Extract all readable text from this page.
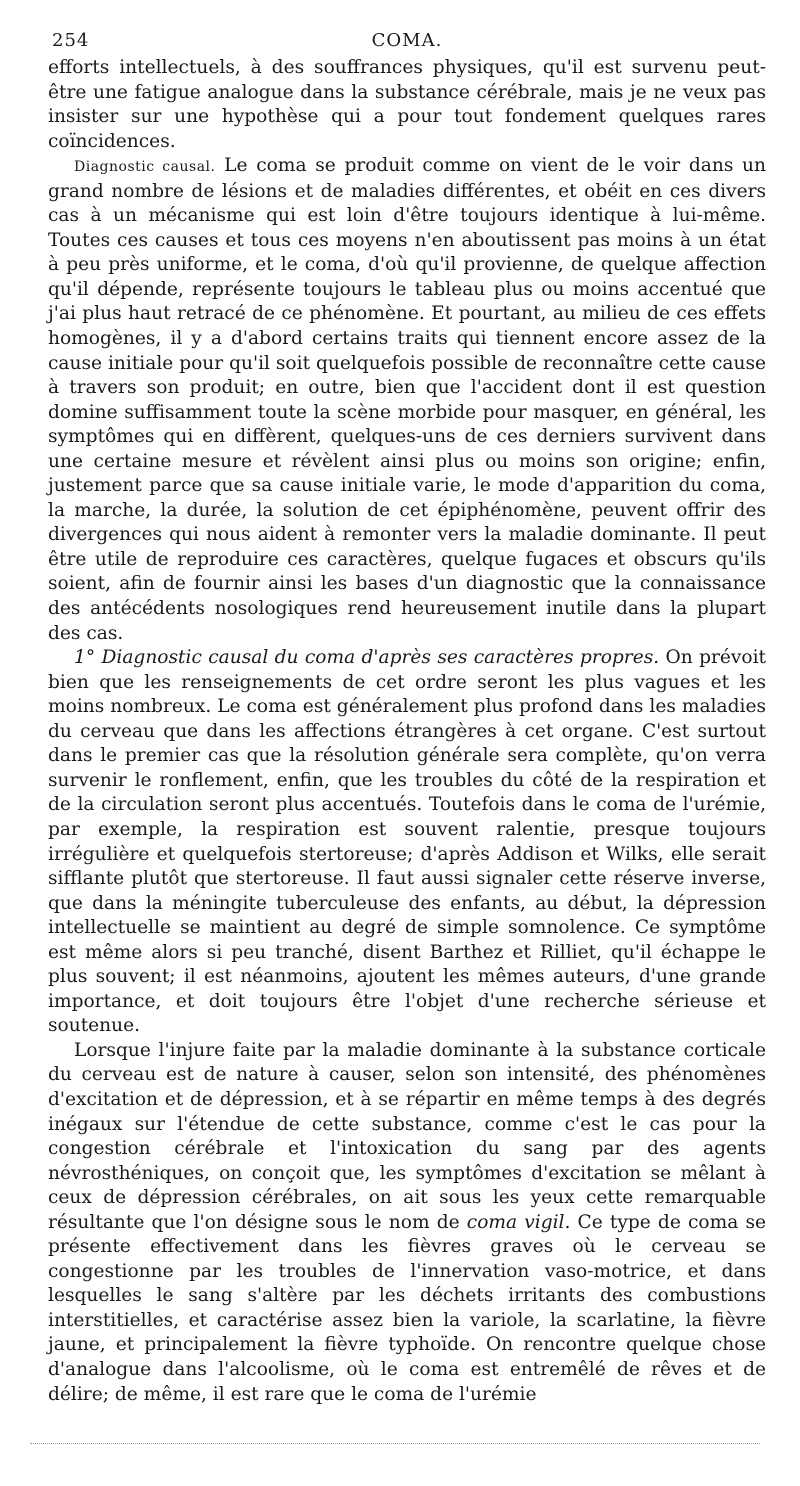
254	COMA.

efforts intellectuels, à des souffrances physiques, qu'il est survenu peut-être une fatigue analogue dans la substance cérébrale, mais je ne veux pas insister sur une hypothèse qui a pour tout fondement quelques rares coïncidences.

Diagnostic causal. Le coma se produit comme on vient de le voir dans un grand nombre de lésions et de maladies différentes, et obéit en ces divers cas à un mécanisme qui est loin d'être toujours identique à lui-même. Toutes ces causes et tous ces moyens n'en aboutissent pas moins à un état à peu près uniforme, et le coma, d'où qu'il provienne, de quelque affection qu'il dépende, représente toujours le tableau plus ou moins accentué que j'ai plus haut retracé de ce phénomène. Et pourtant, au milieu de ces effets homogènes, il y a d'abord certains traits qui tiennent encore assez de la cause initiale pour qu'il soit quelquefois possible de reconnaître cette cause à travers son produit; en outre, bien que l'accident dont il est question domine suffisamment toute la scène morbide pour masquer, en général, les symptômes qui en diffèrent, quelques-uns de ces derniers survivent dans une certaine mesure et révèlent ainsi plus ou moins son origine; enfin, justement parce que sa cause initiale varie, le mode d'apparition du coma, la marche, la durée, la solution de cet épiphénomène, peuvent offrir des divergences qui nous aident à remonter vers la maladie dominante. Il peut être utile de reproduire ces caractères, quelque fugaces et obscurs qu'ils soient, afin de fournir ainsi les bases d'un diagnostic que la connaissance des antécédents nosologiques rend heureusement inutile dans la plupart des cas.

1° Diagnostic causal du coma d'après ses caractères propres. On prévoit bien que les renseignements de cet ordre seront les plus vagues et les moins nombreux. Le coma est généralement plus profond dans les maladies du cerveau que dans les affections étrangères à cet organe. C'est surtout dans le premier cas que la résolution générale sera complète, qu'on verra survenir le ronflement, enfin, que les troubles du côté de la respiration et de la circulation seront plus accentués. Toutefois dans le coma de l'urémie, par exemple, la respiration est souvent ralentie, presque toujours irrégulière et quelquefois stertoreuse; d'après Addison et Wilks, elle serait sifflante plutôt que stertoreuse. Il faut aussi signaler cette réserve inverse, que dans la méningite tuberculeuse des enfants, au début, la dépression intellectuelle se maintient au degré de simple somnolence. Ce symptôme est même alors si peu tranché, disent Barthez et Rilliet, qu'il échappe le plus souvent; il est néanmoins, ajoutent les mêmes auteurs, d'une grande importance, et doit toujours être l'objet d'une recherche sérieuse et soutenue.

Lorsque l'injure faite par la maladie dominante à la substance corticale du cerveau est de nature à causer, selon son intensité, des phénomènes d'excitation et de dépression, et à se répartir en même temps à des degrés inégaux sur l'étendue de cette substance, comme c'est le cas pour la congestion cérébrale et l'intoxication du sang par des agents névrosthéniques, on conçoit que, les symptômes d'excitation se mêlant à ceux de dépression cérébrales, on ait sous les yeux cette remarquable résultante que l'on désigne sous le nom de coma vigil. Ce type de coma se présente effectivement dans les fièvres graves où le cerveau se congestionne par les troubles de l'innervation vaso-motrice, et dans lesquelles le sang s'altère par les déchets irritants des combustions interstitielles, et caractérise assez bien la variole, la scarlatine, la fièvre jaune, et principalement la fièvre typhoïde. On rencontre quelque chose d'analogue dans l'alcoolisme, où le coma est entremêlé de rêves et de délire; de même, il est rare que le coma de l'urémie
